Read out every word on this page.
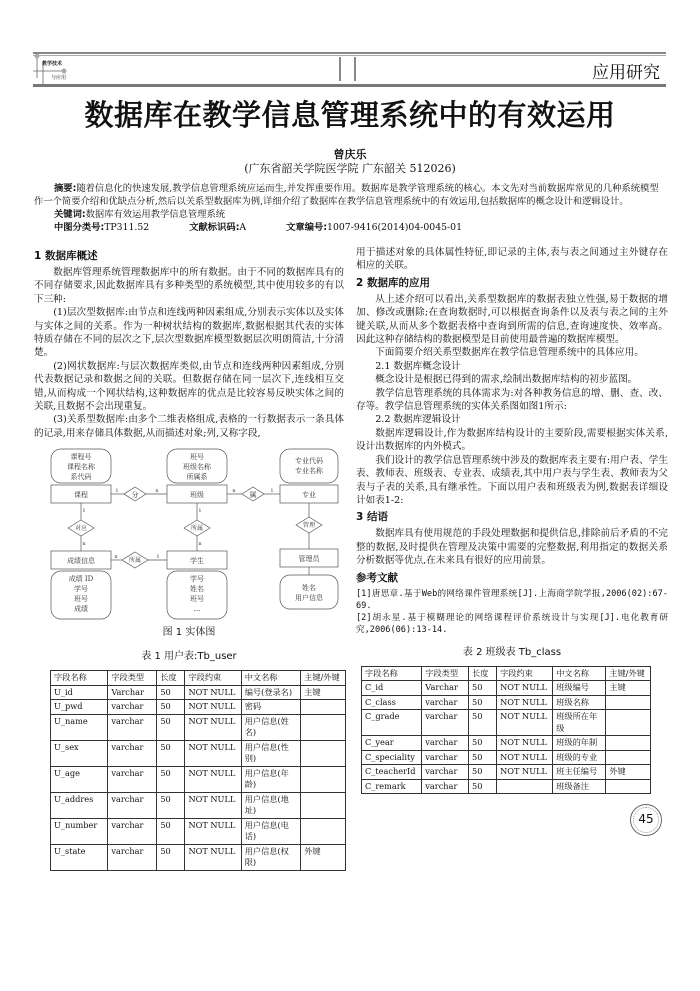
教学技术
与应用	应用研究
数据库在教学信息管理系统中的有效运用
曾庆乐
(广东省韶关学院医学院 广东韶关 512026)
摘要:随着信息化的快速发展,教学信息管理系统应运而生,并发挥重要作用。数据库是教学管理系统的核心。本文先对当前数据库常见的几种系统模型作一个简要介绍和优缺点分析,然后以关系型数据库为例,详细介绍了数据库在教学信息管理系统中的有效运用,包括数据库的概念设计和逻辑设计。
关键词:数据库有效运用教学信息管理系统
中图分类号:TP311.52	文献标识码:A	文章编号:1007-9416(2014)04-0045-01
1 数据库概述

数据库管理系统管理数据库中的所有数据。由于不同的数据库具有的不同存储要求,因此数据库具有多种类型的系统模型,其中使用较多的有以下三种:

(1)层次型数据库:由节点和连线两种因素组成,分别表示实体以及实体与实体之间的关系。作为一种树状结构的数据库,数据根据其代表的实体特质存储在不同的层次之下,层次型数据库模型数据层次明朗简洁,十分清楚。

(2)网状数据库:与层次数据库类似,由节点和连线两种因素组成,分别代表数据记录和数据之间的关联。但数据存储在同一层次下,连线相互交错,从而构成一个网状结构,这种数据库的优点是比较容易反映实体之间的关联,且数据不会出现重复。

(3)关系型数据库:由多个二维表格组成,表格的一行数据表示一条具体的记录,用来存储具体数据,从而描述对象;列,又称字段,

课程号
课程名称
系代码
班号
班级名称
所属系
专业代码
专业名称
课程	班级	专业
成绩信息	学生	管理员
分	属
对应	所属	管理
所属
1	n	n	1
1
n
1
n
n	1
成绩 ID
学号
班号
成绩
学号
姓名
班号
...
姓名
用户信息
图 1 实体图
表 1 用户表:Tb_user
字段名称	字段类型	长度	字段约束	中文名称	主键/外键
U_id	Varchar	50	NOT NULL	编号(登录名)	主键
U_pwd	varchar	50	NOT NULL	密码	
U_name	varchar	50	NOT NULL	用户信息(姓名)	
U_sex	varchar	50	NOT NULL	用户信息(性别)	
U_age	varchar	50	NOT NULL	用户信息(年龄)	
U_addres	varchar	50	NOT NULL	用户信息(地址)	
U_number	varchar	50	NOT NULL	用户信息(电话)	
U_state	varchar	50	NOT NULL	用户信息(权限)	外键

用于描述对象的具体属性特征,即记录的主体,表与表之间通过主外键存在相应的关联。

2 数据库的应用

从上述介绍可以看出,关系型数据库的数据表独立性强,易于数据的增加、修改或删除;在查询数据时,可以根据查询条件以及表与表之间的主外键关联,从而从多个数据表格中查询到所需的信息,查询速度快、效率高。因此这种存储结构的数据模型是目前使用最普遍的数据库模型。

下面简要介绍关系型数据库在教学信息管理系统中的具体应用。

2.1 数据库概念设计

概念设计是根据已得到的需求,绘制出数据库结构的初步蓝图。

教学信息管理系统的具体需求为:对各种教务信息的增、删、查、改、存等。教学信息管理系统的实体关系图如图1所示:

2.2 数据库逻辑设计

数据库逻辑设计,作为数据库结构设计的主要阶段,需要根据实体关系,设计出数据库的内外模式。

我们设计的教学信息管理系统中涉及的数据库表主要有:用户表、学生表、教师表、班级表、专业表、成绩表,其中用户表与学生表、教师表为父表与子表的关系,具有继承性。下面以用户表和班级表为例,数据表详细设计如表1-2:

3 结语

数据库具有使用规范的手段处理数据和提供信息,排除前后矛盾的不完整的数据,及时提供在管理及决策中需要的完整数据,利用指定的数据关系分析数据等优点,在未来具有很好的应用前景。

参考文献

[1]唐思章.基于Web的网络课件管理系统[J].上海商学院学报,2006(02):67-69.

[2]胡永星.基于模糊理论的网络课程评价系统设计与实现[J].电化教育研究,2006(06):13-14.

表 2 班级表 Tb_class
字段名称	字段类型	长度	字段约束	中文名称	主键/外键
C_id	Varchar	50	NOT NULL	班级编号	主键
C_class	varchar	50	NOT NULL	班级名称	
C_grade	varchar	50	NOT NULL	班级所在年级	
C_year	varchar	50	NOT NULL	班级的年制	
C_speciality	varchar	50	NOT NULL	班级的专业	
C_teacherId	varchar	50	NOT NULL	班主任编号	外键
C_remark	varchar	50		班级备注	
45
